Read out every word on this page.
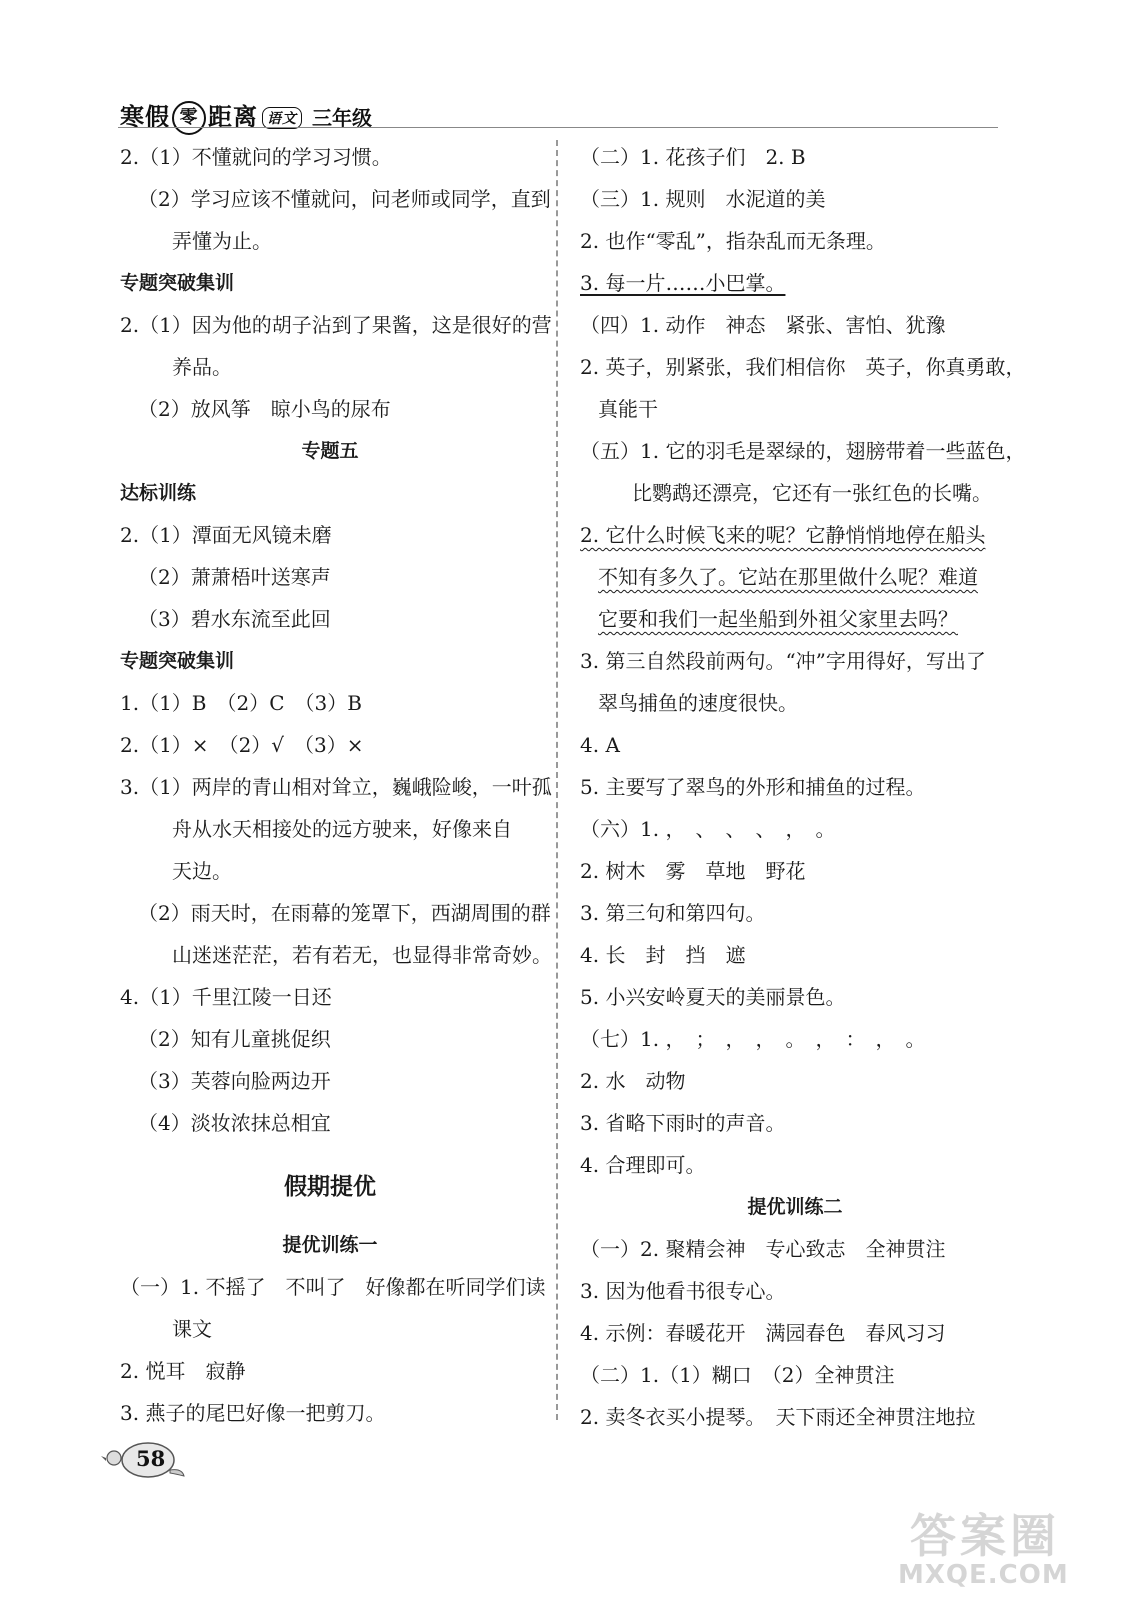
寒假 零 距离 语文 三年级
2.（1）不懂就问的学习习惯。
（2）学习应该不懂就问，问老师或同学，直到
弄懂为止。
专题突破集训
2.（1）因为他的胡子沾到了果酱，这是很好的营
养品。
（2）放风筝　晾小鸟的尿布
专题五
达标训练
2.（1）潭面无风镜未磨
（2）萧萧梧叶送寒声
（3）碧水东流至此回
专题突破集训
1.（1）B　（2）C　（3）B
2.（1）×　（2）√　（3）×
3.（1）两岸的青山相对耸立，巍峨险峻，一叶孤
舟从水天相接处的远方驶来，好像来自
天边。
（2）雨天时，在雨幕的笼罩下，西湖周围的群
山迷迷茫茫，若有若无，也显得非常奇妙。
4.（1）千里江陵一日还
（2）知有儿童挑促织
（3）芙蓉向脸两边开
（4）淡妆浓抹总相宜
假期提优
提优训练一
（一）1. 不摇了　不叫了　好像都在听同学们读
课文
2. 悦耳　寂静
3. 燕子的尾巴好像一把剪刀。
（二）1. 花孩子们　2. B
（三）1. 规则　水泥道的美
2. 也作“零乱”，指杂乱而无条理。
3. 每一片……小巴掌。
（四）1. 动作　神态　紧张、害怕、犹豫
2. 英子，别紧张，我们相信你　英子，你真勇敢，
真能干
（五）1. 它的羽毛是翠绿的，翅膀带着一些蓝色，
比鹦鹉还漂亮，它还有一张红色的长嘴。
2. 它什么时候飞来的呢？它静悄悄地停在船头
不知有多久了。它站在那里做什么呢？难道
它要和我们一起坐船到外祖父家里去吗？
3. 第三自然段前两句。“冲”字用得好，写出了
翠鸟捕鱼的速度很快。
4. A
5. 主要写了翠鸟的外形和捕鱼的过程。
（六）1. ，　、　、　、　，　。
2. 树木　雾　草地　野花
3. 第三句和第四句。
4. 长　封　挡　遮
5. 小兴安岭夏天的美丽景色。
（七）1. ，　；　，　，　。　，　：　，　。
2. 水　动物
3. 省略下雨时的声音。
4. 合理即可。
提优训练二
（一）2. 聚精会神　专心致志　全神贯注
3. 因为他看书很专心。
4. 示例：春暖花开　满园春色　春风习习
（二）1.（1）糊口　（2）全神贯注
2. 卖冬衣买小提琴。　天下雨还全神贯注地拉
58
答案圈
MXQE.COM
